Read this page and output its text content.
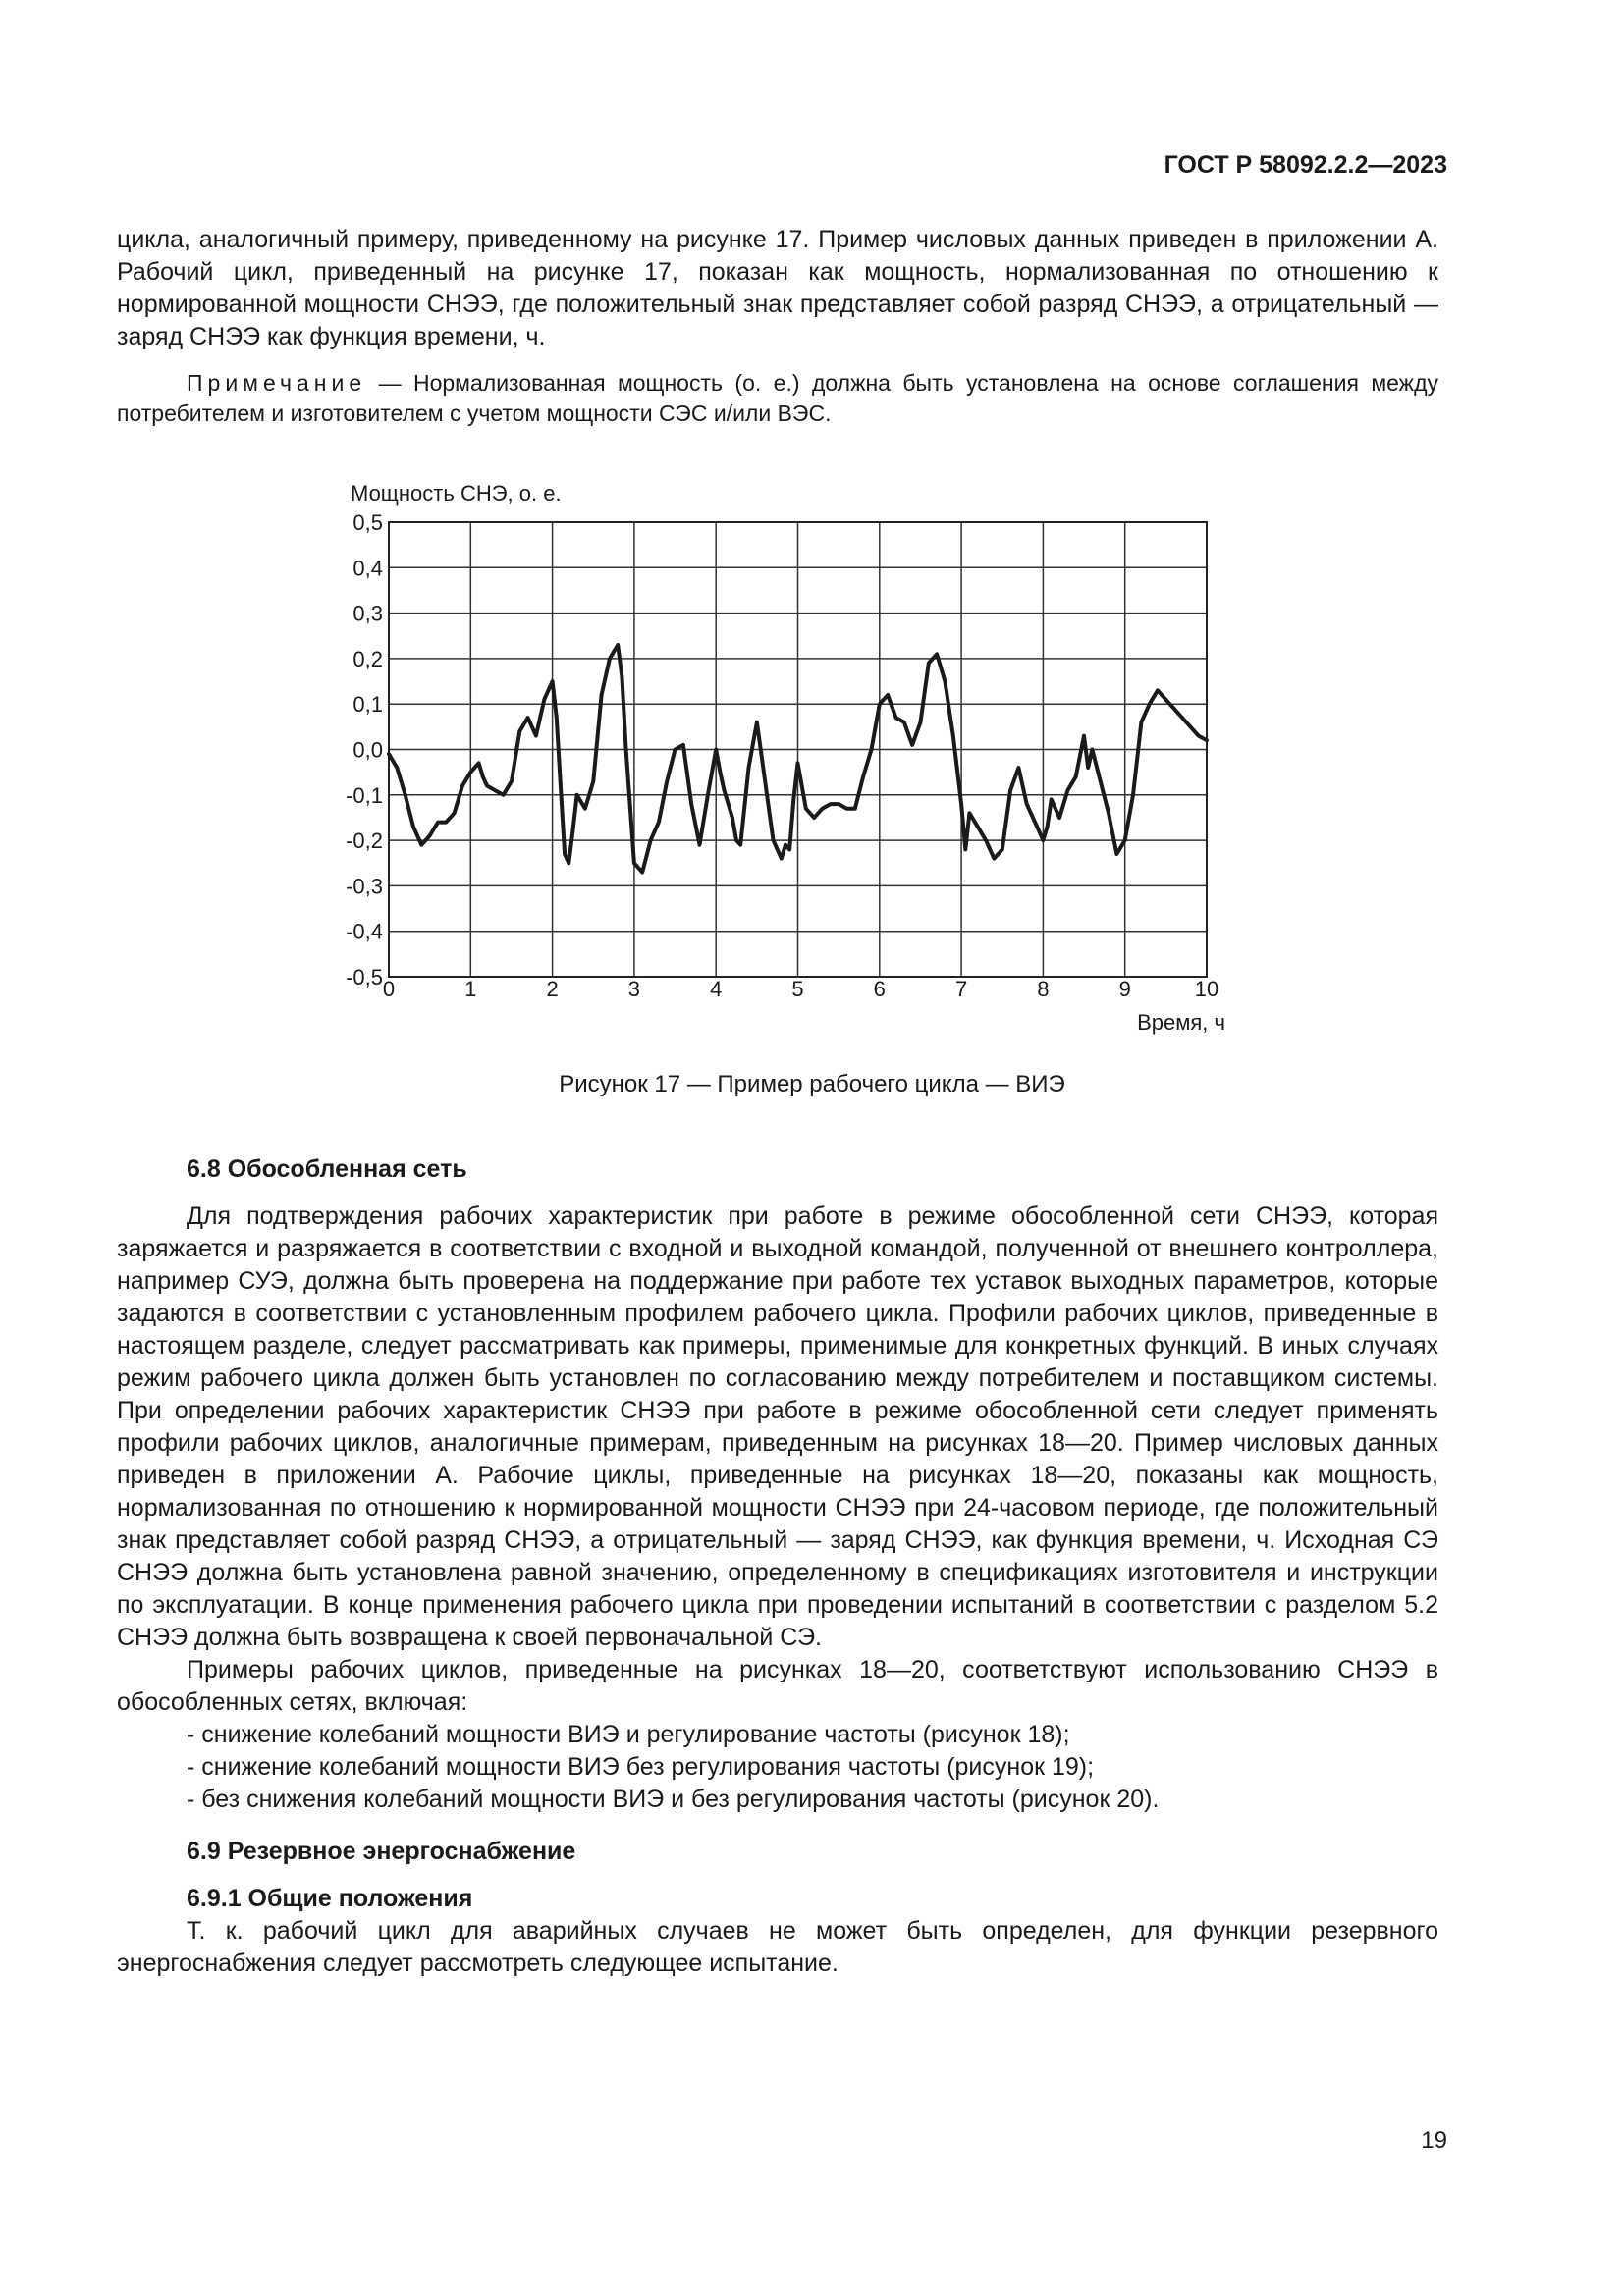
ГОСТ Р 58092.2.2—2023

цикла, аналогичный примеру, приведенному на рисунке 17. Пример числовых данных приведен в приложении А. Рабочий цикл, приведенный на рисунке 17, показан как мощность, нормализованная по отношению к нормированной мощности СНЭЭ, где положительный знак представляет собой разряд СНЭЭ, а отрицательный — заряд СНЭЭ как функция времени, ч.

Примечание — Нормализованная мощность (о. е.) должна быть установлена на основе соглашения между потребителем и изготовителем с учетом мощности СЭС и/или ВЭС.

Мощность СНЭ, о. е.
Время, ч
0,5
0,4
0,3
0,2
0,1
0,0
-0,1
-0,2
-0,3
-0,4
-0,5 0	1	2	3	4	5	6	7	8	9	10
Рисунок 17 — Пример рабочего цикла — ВИЭ

6.8 Обособленная сеть

Для подтверждения рабочих характеристик при работе в режиме обособленной сети СНЭЭ, которая заряжается и разряжается в соответствии с входной и выходной командой, полученной от внешнего контроллера, например СУЭ, должна быть проверена на поддержание при работе тех уставок выходных параметров, которые задаются в соответствии с установленным профилем рабочего цикла. Профили рабочих циклов, приведенные в настоящем разделе, следует рассматривать как примеры, применимые для конкретных функций. В иных случаях режим рабочего цикла должен быть установлен по согласованию между потребителем и поставщиком системы. При определении рабочих характеристик СНЭЭ при работе в режиме обособленной сети следует применять профили рабочих циклов, аналогичные примерам, приведенным на рисунках 18—20. Пример числовых данных приведен в приложении А. Рабочие циклы, приведенные на рисунках 18—20, показаны как мощность, нормализованная по отношению к нормированной мощности СНЭЭ при 24-часовом периоде, где положительный знак представляет собой разряд СНЭЭ, а отрицательный — заряд СНЭЭ, как функция времени, ч. Исходная СЭ СНЭЭ должна быть установлена равной значению, определенному в спецификациях изготовителя и инструкции по эксплуатации. В конце применения рабочего цикла при проведении испытаний в соответствии с разделом 5.2 СНЭЭ должна быть возвращена к своей первоначальной СЭ.

Примеры рабочих циклов, приведенные на рисунках 18—20, соответствуют использованию СНЭЭ в обособленных сетях, включая:

- снижение колебаний мощности ВИЭ и регулирование частоты (рисунок 18);

- снижение колебаний мощности ВИЭ без регулирования частоты (рисунок 19);

- без снижения колебаний мощности ВИЭ и без регулирования частоты (рисунок 20).

6.9 Резервное энергоснабжение

6.9.1 Общие положения

Т. к. рабочий цикл для аварийных случаев не может быть определен, для функции резервного энергоснабжения следует рассмотреть следующее испытание.

19
